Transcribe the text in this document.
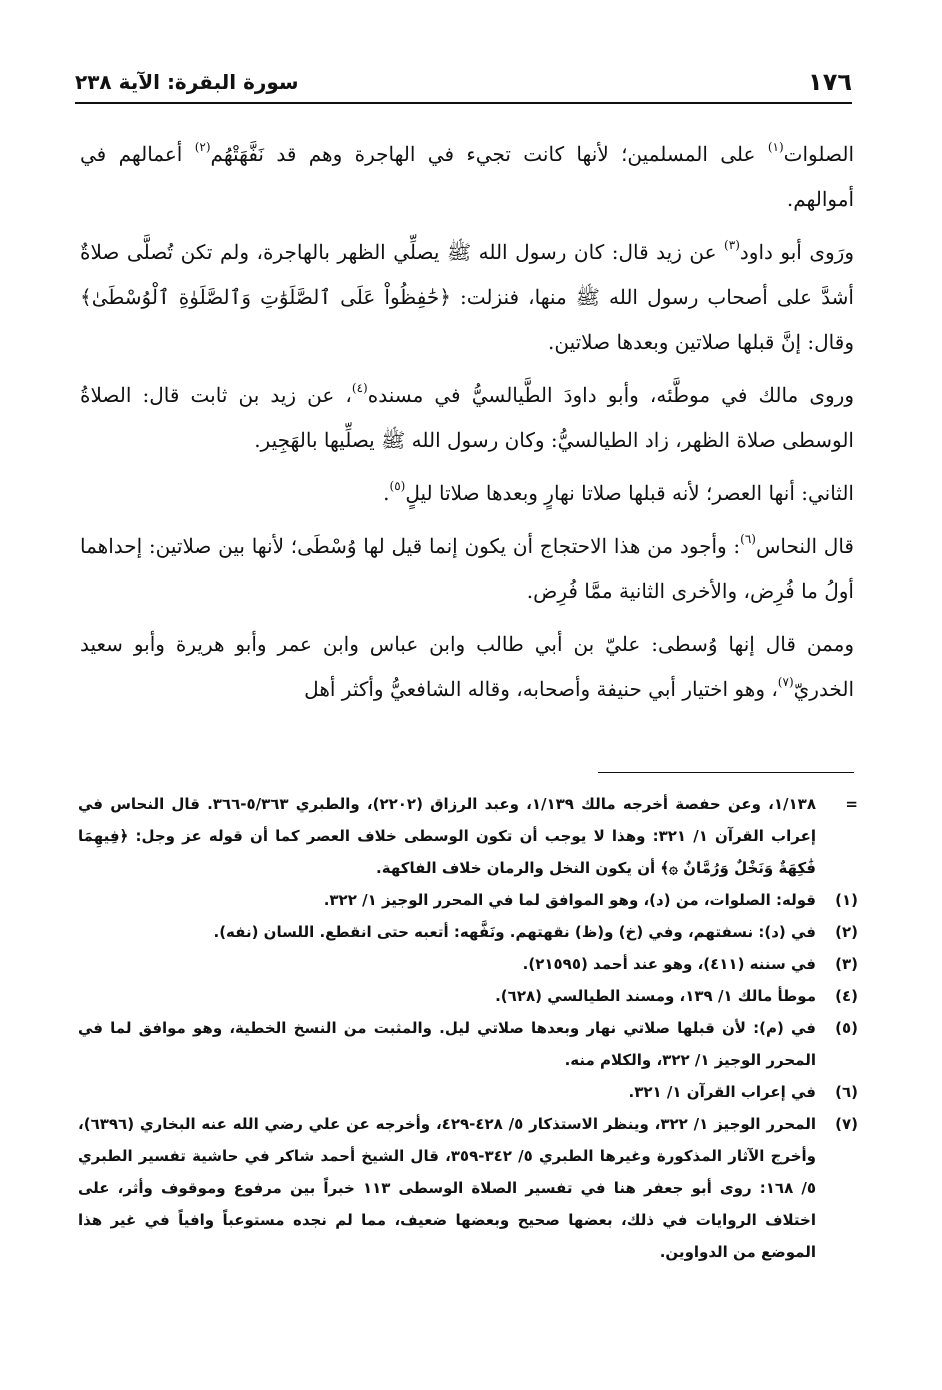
سورة البقرة: الآية ٢٣٨	١٧٦

الصلوات$^{(١)}$ على المسلمين؛ لأنها كانت تجيء في الهاجرة وهم قد نَفَّهَتْهُم$^{(٢)}$ أعمالهم في أموالهم.

ورَوى أبو داود$^{(٣)}$ عن زيد قال: كان رسول الله ﷺ يصلِّي الظهر بالهاجرة، ولم تكن تُصلَّى صلاةٌ أشدَّ على أصحاب رسول الله ﷺ منها، فنزلت: ﴿حَٰفِظُواْ عَلَى ٱلصَّلَوَٰتِ وَٱلصَّلَوٰةِ ٱلْوُسْطَىٰ﴾ وقال: إنَّ قبلها صلاتين وبعدها صلاتين.

وروى مالك في موطَّئه، وأبو داودَ الطَّيالسيُّ في مسنده$^{(٤)}$، عن زيد بن ثابت قال: الصلاةُ الوسطى صلاة الظهر، زاد الطيالسيُّ: وكان رسول الله ﷺ يصلِّيها بالهَجِير.

الثاني: أنها العصر؛ لأنه قبلها صلاتا نهارٍ وبعدها صلاتا ليلٍ$^{(٥)}$.

قال النحاس$^{(٦)}$: وأجود من هذا الاحتجاج أن يكون إنما قيل لها وُسْطَى؛ لأنها بين صلاتين: إحداهما أولُ ما فُرِض، والأخرى الثانية ممَّا فُرِض.

وممن قال إنها وُسطى: عليّ بن أبي طالب وابن عباس وابن عمر وأبو هريرة وأبو سعيد الخدريّ$^{(٧)}$، وهو اختيار أبي حنيفة وأصحابه، وقاله الشافعيُّ وأكثر أهل

=
١/١٣٨، وعن حفصة أخرجه مالك ١/١٣٩، وعبد الرزاق (٢٢٠٢)، والطبري ٥/٣٦٣-٣٦٦. قال النحاس في إعراب القرآن ١/ ٣٢١: وهذا لا يوجب أن تكون الوسطى خلاف العصر كما أن قوله عز وجل: ﴿فِيهِمَا فَٰكِهَةٌ وَنَخْلٌ وَرُمَّانٌ ۞﴾ أن يكون النخل والرمان خلاف الفاكهة.
(١)
قوله: الصلوات، من (د)، وهو الموافق لما في المحرر الوجيز ١/ ٣٢٢.
(٢)
في (د): نسفتهم، وفي (خ) و(ظ) نقهتهم. ونَفَّهه: أتعبه حتى انقطع. اللسان (نفه).
(٣)
في سننه (٤١١)، وهو عند أحمد (٢١٥٩٥).
(٤)
موطأ مالك ١/ ١٣٩، ومسند الطيالسي (٦٢٨).
(٥)
في (م): لأن قبلها صلاتي نهار وبعدها صلاتي ليل. والمثبت من النسخ الخطية، وهو موافق لما في المحرر الوجيز ١/ ٣٢٢، والكلام منه.
(٦)
في إعراب القرآن ١/ ٣٢١.
(٧)
المحرر الوجيز ١/ ٣٢٢، وينظر الاستذكار ٥/ ٤٢٨-٤٢٩، وأخرجه عن علي رضي الله عنه البخاري (٦٣٩٦)، وأخرج الآثار المذكورة وغيرها الطبري ٥/ ٣٤٢-٣٥٩، قال الشيخ أحمد شاكر في حاشية تفسير الطبري ٥/ ١٦٨: روى أبو جعفر هنا في تفسير الصلاة الوسطى ١١٣ خبراً بين مرفوع وموقوف وأثر، على اختلاف الروايات في ذلك، بعضها صحيح وبعضها ضعيف، مما لم نجده مستوعباً وافياً في غير هذا الموضع من الدواوين.
